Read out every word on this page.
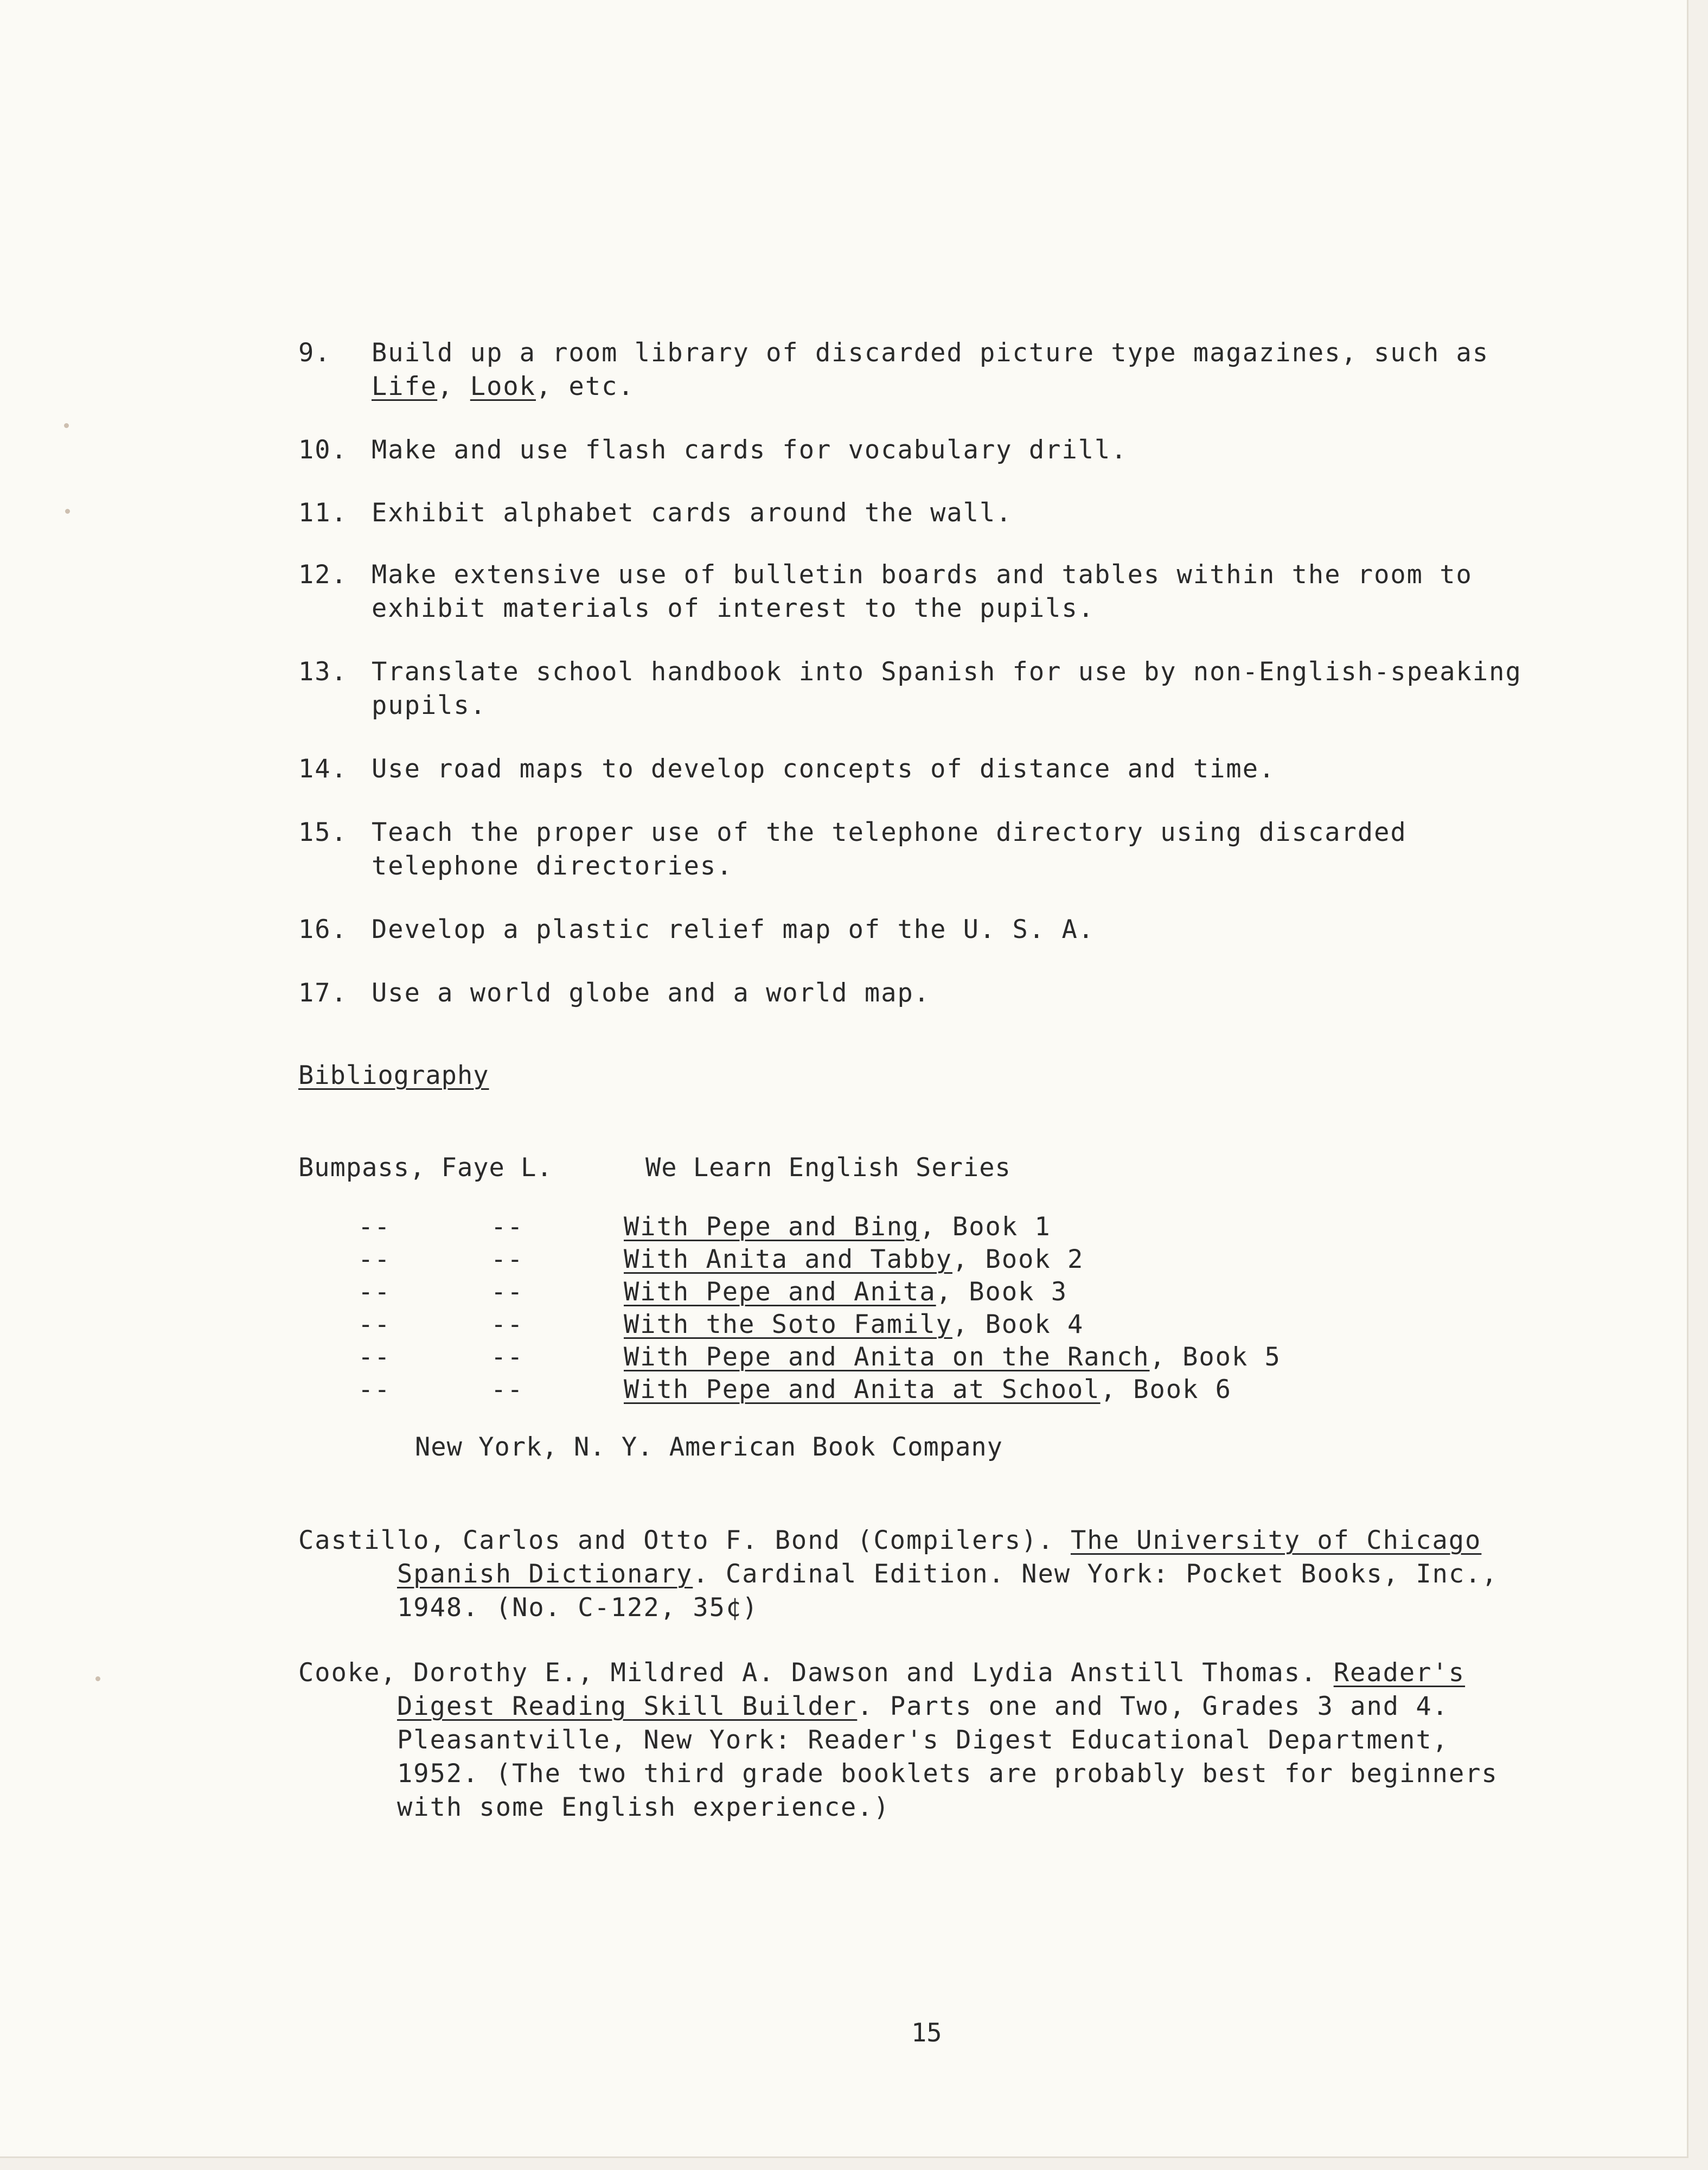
9. Build up a room library of discarded picture type magazines, such as Life, Look, etc.
10. Make and use flash cards for vocabulary drill.
11. Exhibit alphabet cards around the wall.
12. Make extensive use of bulletin boards and tables within the room to exhibit materials of interest to the pupils.
13. Translate school handbook into Spanish for use by non-English-speaking pupils.
14. Use road maps to develop concepts of distance and time.
15. Teach the proper use of the telephone directory using discarded telephone directories.
16. Develop a plastic relief map of the U. S. A.
17. Use a world globe and a world map.
Bibliography
Bumpass, Faye L.	We Learn English Series
--	--	With Pepe and Bing, Book 1
--	--	With Anita and Tabby, Book 2
--	--	With Pepe and Anita, Book 3
--	--	With the Soto Family, Book 4
--	--	With Pepe and Anita on the Ranch, Book 5
--	--	With Pepe and Anita at School, Book 6
New York, N. Y. American Book Company
Castillo, Carlos and Otto F. Bond (Compilers). The University of Chicago Spanish Dictionary. Cardinal Edition. New York: Pocket Books, Inc., 1948. (No. C-122, 35¢)
Cooke, Dorothy E., Mildred A. Dawson and Lydia Anstill Thomas. Reader's Digest Reading Skill Builder. Parts one and Two, Grades 3 and 4. Pleasantville, New York: Reader's Digest Educational Department, 1952. (The two third grade booklets are probably best for beginners with some English experience.)
15
